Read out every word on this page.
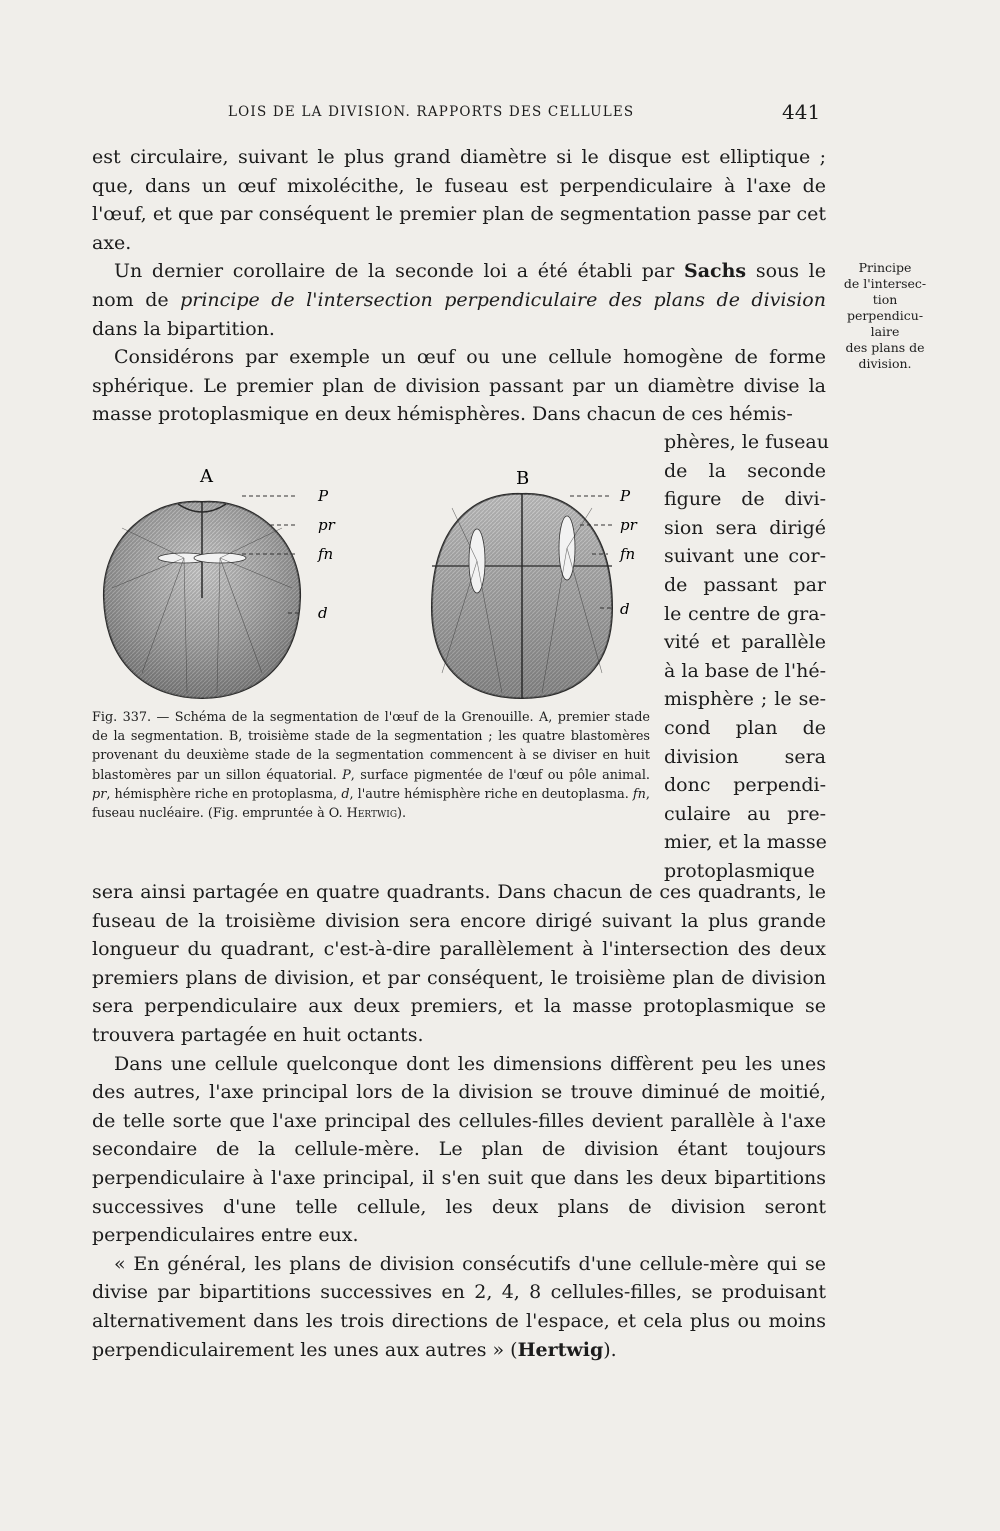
LOIS DE LA DIVISION. RAPPORTS DES CELLULES	441

est circulaire, suivant le plus grand diamètre si le disque est elliptique ; que, dans un œuf mixolécithe, le fuseau est perpendiculaire à l'axe de l'œuf, et que par conséquent le premier plan de segmentation passe par cet axe.

Un dernier corollaire de la seconde loi a été établi par Sachs sous le nom de principe de l'intersection perpendiculaire des plans de division dans la bipartition.

Considérons par exemple un œuf ou une cellule homogène de forme sphérique. Le premier plan de division passant par un diamètre divise la masse protoplasmique en deux hémisphères. Dans chacun de ces hémis-

Principe
de l'intersec-
tion
perpendicu-
laire
des plans de
division.
P
pr
fn
d
A
P
pr
fn
d
B

Fig. 337. — Schéma de la segmentation de l'œuf de la Grenouille. A, premier stade de la segmentation. B, troisième stade de la segmentation ; les quatre blastomères provenant du deuxième stade de la segmentation commencent à se diviser en huit blastomères par un sillon équatorial. P, surface pigmentée de l'œuf ou pôle animal. pr, hémisphère riche en protoplasma, d, l'autre hémisphère riche en deutoplasma. fn, fuseau nucléaire. (Fig. empruntée à O. Hertwig).

phères, le fuseau
de la seconde
figure de divi-
sion sera dirigé
suivant une cor-
de passant par
le centre de gra-
vité et parallèle
à la base de l'hé-
misphère ; le se-
cond plan de
division sera
donc perpendi-
culaire au pre-
mier, et la masse
protoplasmique

sera ainsi partagée en quatre quadrants. Dans chacun de ces quadrants, le fuseau de la troisième division sera encore dirigé suivant la plus grande longueur du quadrant, c'est-à-dire parallèlement à l'intersection des deux premiers plans de division, et par conséquent, le troisième plan de division sera perpendiculaire aux deux premiers, et la masse protoplasmique se trouvera partagée en huit octants.

Dans une cellule quelconque dont les dimensions diffèrent peu les unes des autres, l'axe principal lors de la division se trouve diminué de moitié, de telle sorte que l'axe principal des cellules-filles devient parallèle à l'axe secondaire de la cellule-mère. Le plan de division étant toujours perpendiculaire à l'axe principal, il s'en suit que dans les deux bipartitions successives d'une telle cellule, les deux plans de division seront perpendiculaires entre eux.

« En général, les plans de division consécutifs d'une cellule-mère qui se divise par bipartitions successives en 2, 4, 8 cellules-filles, se produisant alternativement dans les trois directions de l'espace, et cela plus ou moins perpendiculairement les unes aux autres » (Hertwig).
